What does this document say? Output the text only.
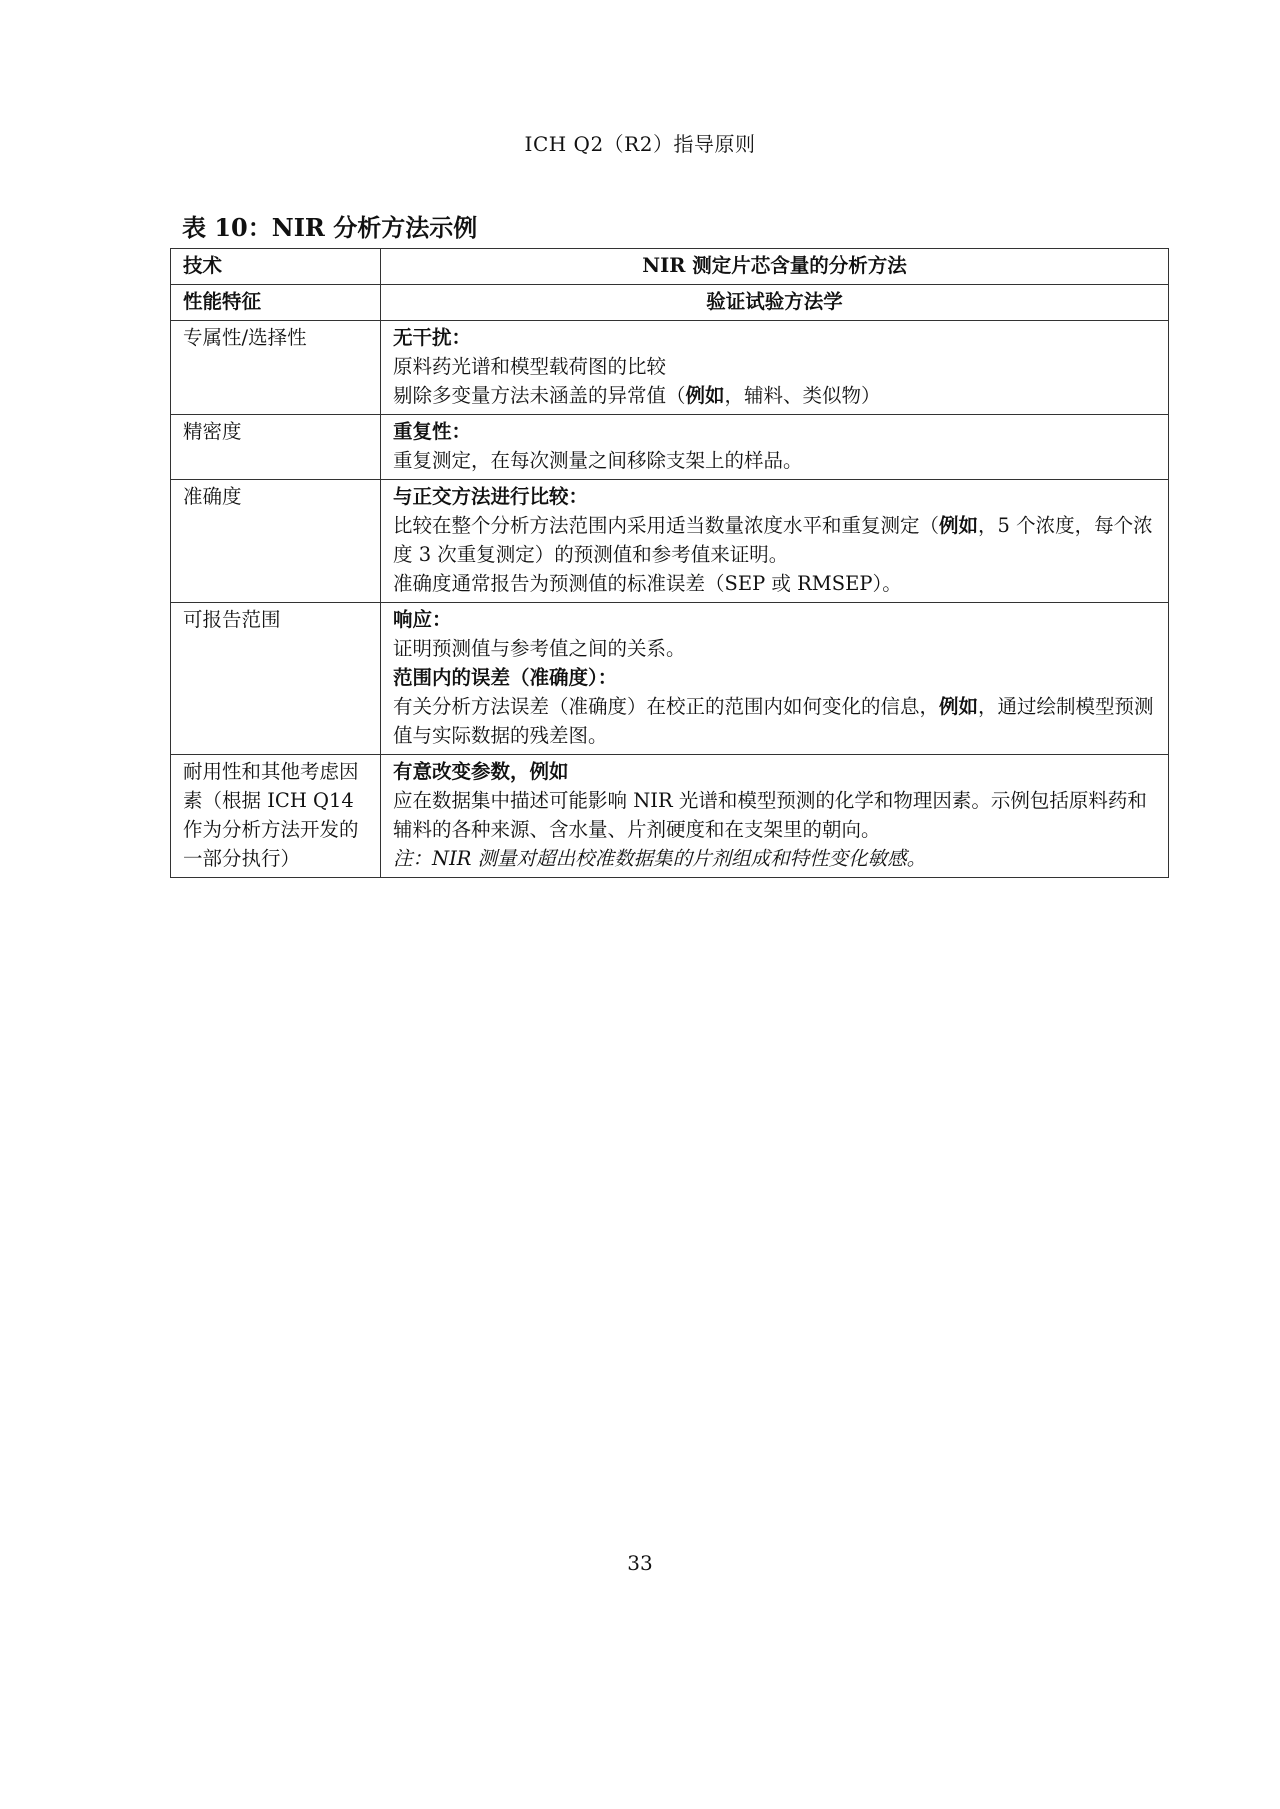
ICH Q2（R2）指导原则
表 10：NIR 分析方法示例
技术	NIR 测定片芯含量的分析方法
性能特征	验证试验方法学
专属性/选择性	无干扰：
原料药光谱和模型载荷图的比较
剔除多变量方法未涵盖的异常值（例如，辅料、类似物）

精密度	重复性：
重复测定，在每次测量之间移除支架上的样品。

准确度	与正交方法进行比较：
比较在整个分析方法范围内采用适当数量浓度水平和重复测定（例如，5 个浓度，每个浓度 3 次重复测定）的预测值和参考值来证明。
准确度通常报告为预测值的标准误差（SEP 或 RMSEP）。

可报告范围	响应：
证明预测值与参考值之间的关系。
范围内的误差（准确度）：
有关分析方法误差（准确度）在校正的范围内如何变化的信息，例如，通过绘制模型预测值与实际数据的残差图。

耐用性和其他考虑因素（根据 ICH Q14 作为分析方法开发的一部分执行）	有意改变参数，例如
应在数据集中描述可能影响 NIR 光谱和模型预测的化学和物理因素。示例包括原料药和辅料的各种来源、含水量、片剂硬度和在支架里的朝向。
注：NIR 测量对超出校准数据集的片剂组成和特性变化敏感。
33
